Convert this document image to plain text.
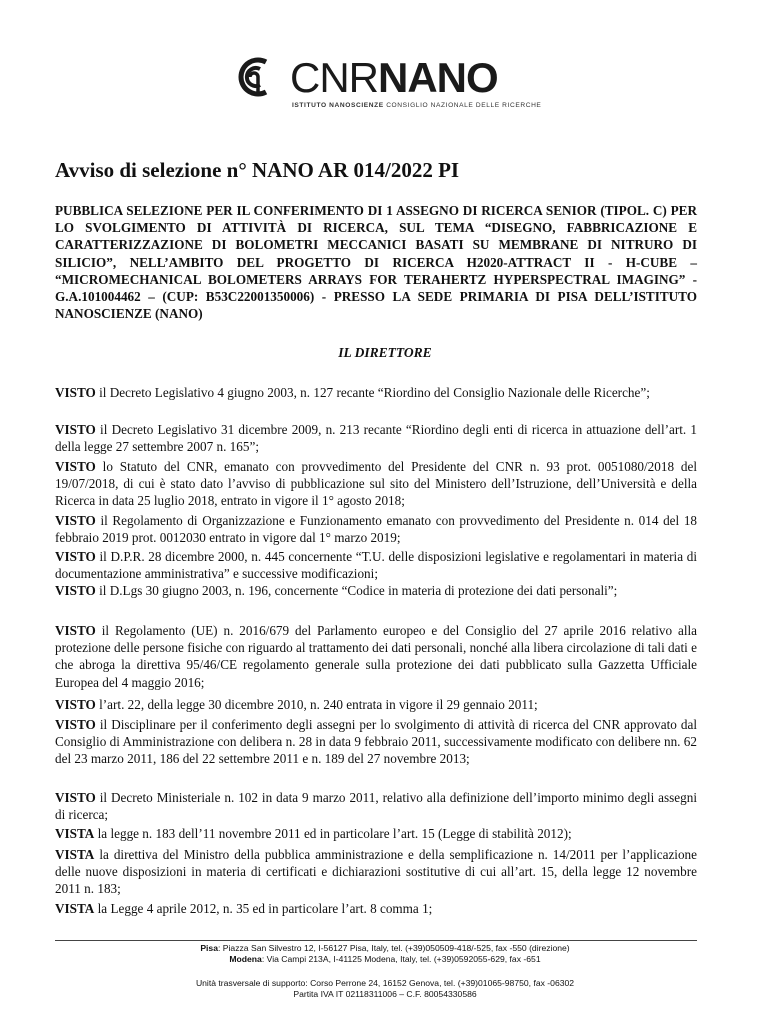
CNRNANO
ISTITUTO NANOSCIENZE CONSIGLIO NAZIONALE DELLE RICERCHE
Avviso di selezione n° NANO AR 014/2022 PI
PUBBLICA SELEZIONE PER IL CONFERIMENTO DI 1 ASSEGNO DI RICERCA SENIOR (TIPOL. C) PER LO SVOLGIMENTO DI ATTIVITÀ DI RICERCA, SUL TEMA “DISEGNO, FABBRICAZIONE E CARATTERIZZAZIONE DI BOLOMETRI MECCANICI BASATI SU MEMBRANE DI NITRURO DI SILICIO”, NELL’AMBITO DEL PROGETTO DI RICERCA H2020-ATTRACT II - H-CUBE – “MICROMECHANICAL BOLOMETERS ARRAYS FOR TERAHERTZ HYPERSPECTRAL IMAGING” - G.A.101004462 – (CUP: B53C22001350006) - PRESSO LA SEDE PRIMARIA DI PISA DELL’ISTITUTO NANOSCIENZE (NANO)
IL DIRETTORE
VISTO il Decreto Legislativo 4 giugno 2003, n. 127 recante “Riordino del Consiglio Nazionale delle Ricerche”;
VISTO il Decreto Legislativo 31 dicembre 2009, n. 213 recante “Riordino degli enti di ricerca in attuazione dell’art. 1 della legge 27 settembre 2007 n. 165”;
VISTO lo Statuto del CNR, emanato con provvedimento del Presidente del CNR n. 93 prot. 0051080/2018 del 19/07/2018, di cui è stato dato l’avviso di pubblicazione sul sito del Ministero dell’Istruzione, dell’Università e della Ricerca in data 25 luglio 2018, entrato in vigore il 1° agosto 2018;
VISTO il Regolamento di Organizzazione e Funzionamento emanato con provvedimento del Presidente n. 014 del 18 febbraio 2019 prot. 0012030 entrato in vigore dal 1° marzo 2019;
VISTO il D.P.R. 28 dicembre 2000, n. 445 concernente “T.U. delle disposizioni legislative e regolamentari in materia di documentazione amministrativa” e successive modificazioni;
VISTO il D.Lgs 30 giugno 2003, n. 196, concernente “Codice in materia di protezione dei dati personali”;
VISTO il Regolamento (UE) n. 2016/679 del Parlamento europeo e del Consiglio del 27 aprile 2016 relativo alla protezione delle persone fisiche con riguardo al trattamento dei dati personali, nonché alla libera circolazione di tali dati e che abroga la direttiva 95/46/CE regolamento generale sulla protezione dei dati pubblicato sulla Gazzetta Ufficiale Europea del 4 maggio 2016;
VISTO l’art. 22, della legge 30 dicembre 2010, n. 240 entrata in vigore il 29 gennaio 2011;
VISTO il Disciplinare per il conferimento degli assegni per lo svolgimento di attività di ricerca del CNR approvato dal Consiglio di Amministrazione con delibera n. 28 in data 9 febbraio 2011, successivamente modificato con delibere nn. 62 del 23 marzo 2011, 186 del 22 settembre 2011 e n. 189 del 27 novembre 2013;
VISTO il Decreto Ministeriale n. 102 in data 9 marzo 2011, relativo alla definizione dell’importo minimo degli assegni di ricerca;
VISTA la legge n. 183 dell’11 novembre 2011 ed in particolare l’art. 15 (Legge di stabilità 2012);
VISTA la direttiva del Ministro della pubblica amministrazione e della semplificazione n. 14/2011 per l’applicazione delle nuove disposizioni in materia di certificati e dichiarazioni sostitutive di cui all’art. 15, della legge 12 novembre 2011 n. 183;
VISTA la Legge 4 aprile 2012, n. 35 ed in particolare l’art. 8 comma 1;
Pisa: Piazza San Silvestro 12, I-56127 Pisa, Italy, tel. (+39)050509-418/-525, fax -550 (direzione)
Modena: Via Campi 213A, I-41125 Modena, Italy, tel. (+39)0592055-629, fax -651
Unità trasversale di supporto: Corso Perrone 24, 16152 Genova, tel. (+39)01065-98750, fax -06302
Partita IVA IT 02118311006 – C.F. 80054330586
